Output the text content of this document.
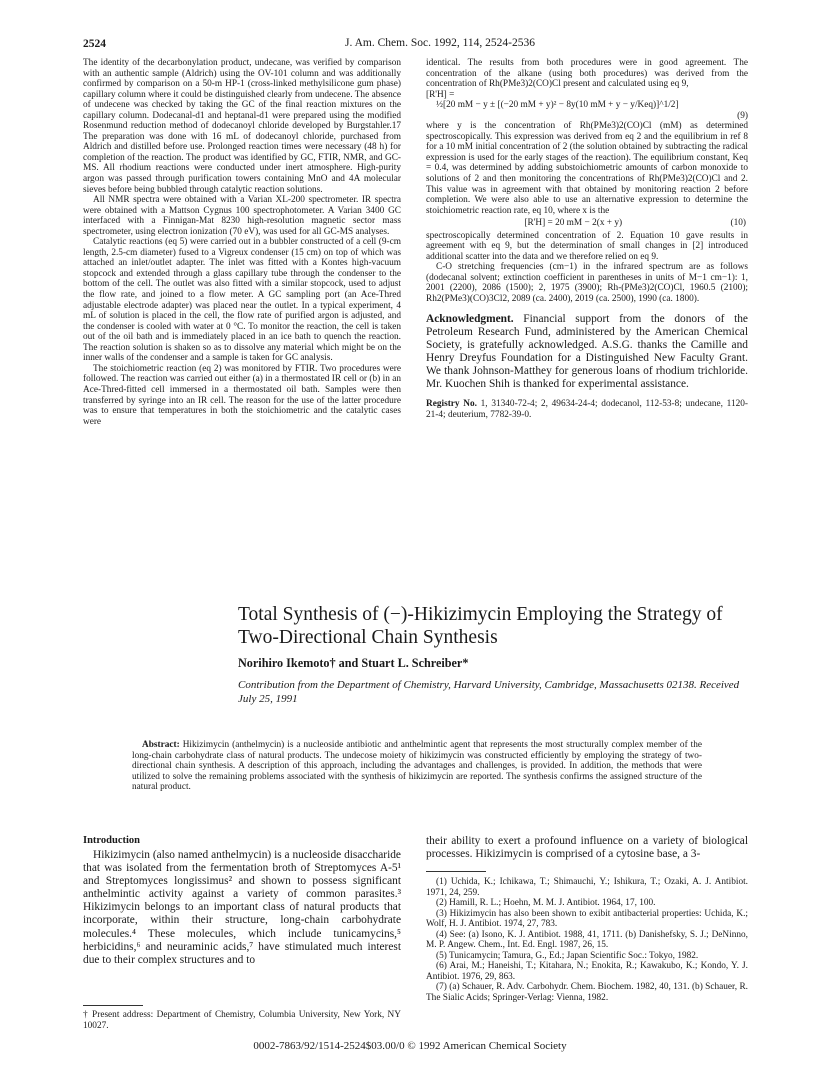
2524	J. Am. Chem. Soc. 1992, 114, 2524-2536

The identity of the decarbonylation product, undecane, was verified by comparison with an authentic sample (Aldrich) using the OV-101 column and was additionally confirmed by comparison on a 50-m HP-1 (cross-linked methylsilicone gum phase) capillary column where it could be distinguished clearly from undecene. The absence of undecene was checked by taking the GC of the final reaction mixtures on the capillary column. Dodecanal-d1 and heptanal-d1 were prepared using the modified Rosenmund reduction method of dodecanoyl chloride developed by Burgstahler.17 The preparation was done with 16 mL of dodecanoyl chloride, purchased from Aldrich and distilled before use. Prolonged reaction times were necessary (48 h) for completion of the reaction. The product was identified by GC, FTIR, NMR, and GC-MS. All rhodium reactions were conducted under inert atmosphere. High-purity argon was passed through purification towers containing MnO and 4A molecular sieves before being bubbled through catalytic reaction solutions.

All NMR spectra were obtained with a Varian XL-200 spectrometer. IR spectra were obtained with a Mattson Cygnus 100 spectrophotometer. A Varian 3400 GC interfaced with a Finnigan-Mat 8230 high-resolution magnetic sector mass spectrometer, using electron ionization (70 eV), was used for all GC-MS analyses.

Catalytic reactions (eq 5) were carried out in a bubbler constructed of a cell (9-cm length, 2.5-cm diameter) fused to a Vigreux condenser (15 cm) on top of which was attached an inlet/outlet adapter. The inlet was fitted with a Kontes high-vacuum stopcock and extended through a glass capillary tube through the condenser to the bottom of the cell. The outlet was also fitted with a similar stopcock, used to adjust the flow rate, and joined to a flow meter. A GC sampling port (an Ace-Thred adjustable electrode adapter) was placed near the outlet. In a typical experiment, 4 mL of solution is placed in the cell, the flow rate of purified argon is adjusted, and the condenser is cooled with water at 0 °C. To monitor the reaction, the cell is taken out of the oil bath and is immediately placed in an ice bath to quench the reaction. The reaction solution is shaken so as to dissolve any material which might be on the inner walls of the condenser and a sample is taken for GC analysis.

The stoichiometric reaction (eq 2) was monitored by FTIR. Two procedures were followed. The reaction was carried out either (a) in a thermostated IR cell or (b) in an Ace-Thred-fitted cell immersed in a thermostated oil bath. Samples were then transferred by syringe into an IR cell. The reason for the use of the latter procedure was to ensure that temperatures in both the stoichiometric and the catalytic cases were

identical. The results from both procedures were in good agreement. The concentration of the alkane (using both procedures) was derived from the concentration of Rh(PMe3)2(CO)Cl present and calculated using eq 9,

[R'H] =

½[20 mM − y ± [(−20 mM + y)² − 8y(10 mM + y − y/Keq)]^1/2]

(9)

where y is the concentration of Rh(PMe3)2(CO)Cl (mM) as determined spectroscopically. This expression was derived from eq 2 and the equilibrium in ref 8 for a 10 mM initial concentration of 2 (the solution obtained by subtracting the radical expression is used for the early stages of the reaction). The equilibrium constant, Keq = 0.4, was determined by adding substoichiometric amounts of carbon monoxide to solutions of 2 and then monitoring the concentrations of Rh(PMe3)2(CO)Cl and 2. This value was in agreement with that obtained by monitoring reaction 2 before completion. We were also able to use an alternative expression to determine the stoichiometric reaction rate, eq 10, where x is the

[R'H] = 20 mM − 2(x + y)	(10)

spectroscopically determined concentration of 2. Equation 10 gave results in agreement with eq 9, but the determination of small changes in [2] introduced additional scatter into the data and we therefore relied on eq 9.

C-O stretching frequencies (cm−1) in the infrared spectrum are as follows (dodecanal solvent; extinction coefficient in parentheses in units of M−1 cm−1): 1, 2001 (2200), 2086 (1500); 2, 1975 (3900); Rh-(PMe3)2(CO)Cl, 1960.5 (2100); Rh2(PMe3)(CO)3Cl2, 2089 (ca. 2400), 2019 (ca. 2500), 1990 (ca. 1800).

Acknowledgment. Financial support from the donors of the Petroleum Research Fund, administered by the American Chemical Society, is gratefully acknowledged. A.S.G. thanks the Camille and Henry Dreyfus Foundation for a Distinguished New Faculty Grant. We thank Johnson-Matthey for generous loans of rhodium trichloride. Mr. Kuochen Shih is thanked for experimental assistance.

Registry No. 1, 31340-72-4; 2, 49634-24-4; dodecanol, 112-53-8; undecane, 1120-21-4; deuterium, 7782-39-0.

Total Synthesis of (−)-Hikizimycin Employing the Strategy of Two-Directional Chain Synthesis
Norihiro Ikemoto† and Stuart L. Schreiber*
Contribution from the Department of Chemistry, Harvard University, Cambridge, Massachusetts 02138. Received July 25, 1991
Abstract: Hikizimycin (anthelmycin) is a nucleoside antibiotic and anthelmintic agent that represents the most structurally complex member of the long-chain carbohydrate class of natural products. The undecose moiety of hikizimycin was constructed efficiently by employing the strategy of two-directional chain synthesis. A description of this approach, including the advantages and challenges, is provided. In addition, the methods that were utilized to solve the remaining problems associated with the synthesis of hikizimycin are reported. The synthesis confirms the assigned structure of the natural product.
Introduction
Hikizimycin (also named anthelmycin) is a nucleoside disaccharide that was isolated from the fermentation broth of Streptomyces A-5¹ and Streptomyces longissimus² and shown to possess significant anthelmintic activity against a variety of common parasites.³ Hikizimycin belongs to an important class of natural products that incorporate, within their structure, long-chain carbohydrate molecules.⁴ These molecules, which include tunicamycins,⁵ herbicidins,⁶ and neuraminic acids,⁷ have stimulated much interest due to their complex structures and to
their ability to exert a profound influence on a variety of biological processes. Hikizimycin is comprised of a cytosine base, a 3-

(1) Uchida, K.; Ichikawa, T.; Shimauchi, Y.; Ishikura, T.; Ozaki, A. J. Antibiot. 1971, 24, 259.

(2) Hamill, R. L.; Hoehn, M. M. J. Antibiot. 1964, 17, 100.

(3) Hikizimycin has also been shown to exibit antibacterial properties: Uchida, K.; Wolf, H. J. Antibiot. 1974, 27, 783.

(4) See: (a) Isono, K. J. Antibiot. 1988, 41, 1711. (b) Danishefsky, S. J.; DeNinno, M. P. Angew. Chem., Int. Ed. Engl. 1987, 26, 15.

(5) Tunicamycin; Tamura, G., Ed.; Japan Scientific Soc.: Tokyo, 1982.

(6) Arai, M.; Haneishi, T.; Kitahara, N.; Enokita, R.; Kawakubo, K.; Kondo, Y. J. Antibiot. 1976, 29, 863.

(7) (a) Schauer, R. Adv. Carbohydr. Chem. Biochem. 1982, 40, 131. (b) Schauer, R. The Sialic Acids; Springer-Verlag: Vienna, 1982.

† Present address: Department of Chemistry, Columbia University, New York, NY 10027.
0002-7863/92/1514-2524$03.00/0 © 1992 American Chemical Society
